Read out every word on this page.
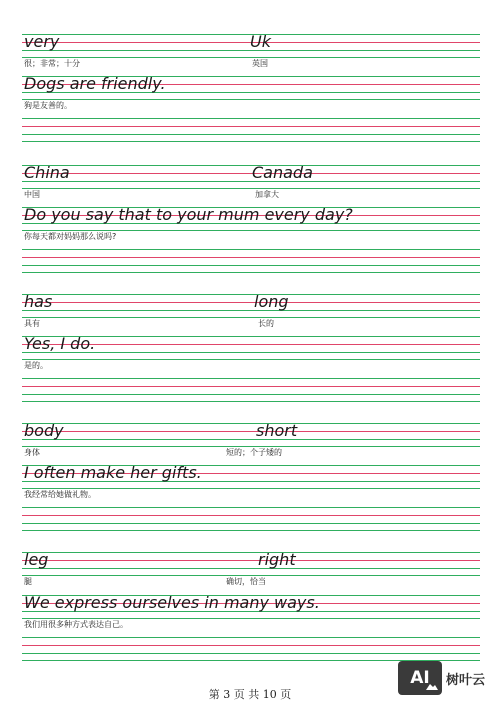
very	Uk
很；非常；十分	英国
Dogs are friendly.
狗是友善的。
China	Canada
中国	加拿大
Do you say that to your mum every day?
你每天都对妈妈那么说吗?
has	long
具有	长的
Yes, I do.
是的。
body	short
身体	短的；个子矮的
I often make her gifts.
我经常给她做礼物。
leg	right
腿	确切，恰当
We express ourselves in many ways.
我们用很多种方式表达自己。
第 3 页 共 10 页
AI 树叶云
